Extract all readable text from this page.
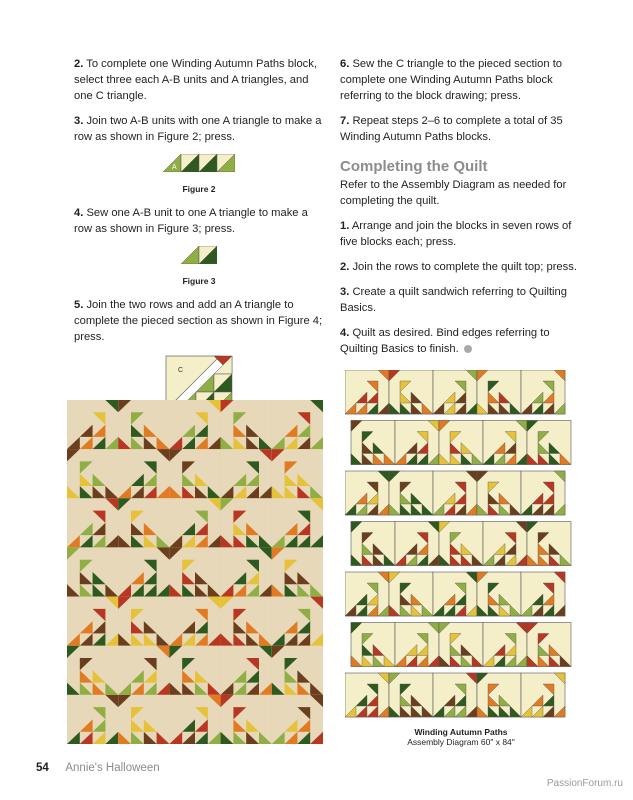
2. To complete one Winding Autumn Paths block, select three each A-B units and A triangles, and one C triangle.

3. Join two A-B units with one A triangle to make a row as shown in Figure 2; press.

A
Figure 2

4. Sew one A-B unit to one A triangle to make a row as shown in Figure 3; press.

Figure 3

5. Join the two rows and add an A triangle to complete the pieced section as shown in Figure 4; press.

C

6. Sew the C triangle to the pieced section to complete one Winding Autumn Paths block referring to the block drawing; press.

7. Repeat steps 2–6 to complete a total of 35 Winding Autumn Paths blocks.

Completing the Quilt

Refer to the Assembly Diagram as needed for completing the quilt.

1. Arrange and join the blocks in seven rows of five blocks each; press.

2. Join the rows to complete the quilt top; press.

3. Create a quilt sandwich referring to Quilting Basics.

4. Quilt as desired. Bind edges referring to Quilting Basics to finish.

Winding Autumn Paths
Assembly Diagram 60" x 84"
54 Annie's Halloween
PassionForum.ru
